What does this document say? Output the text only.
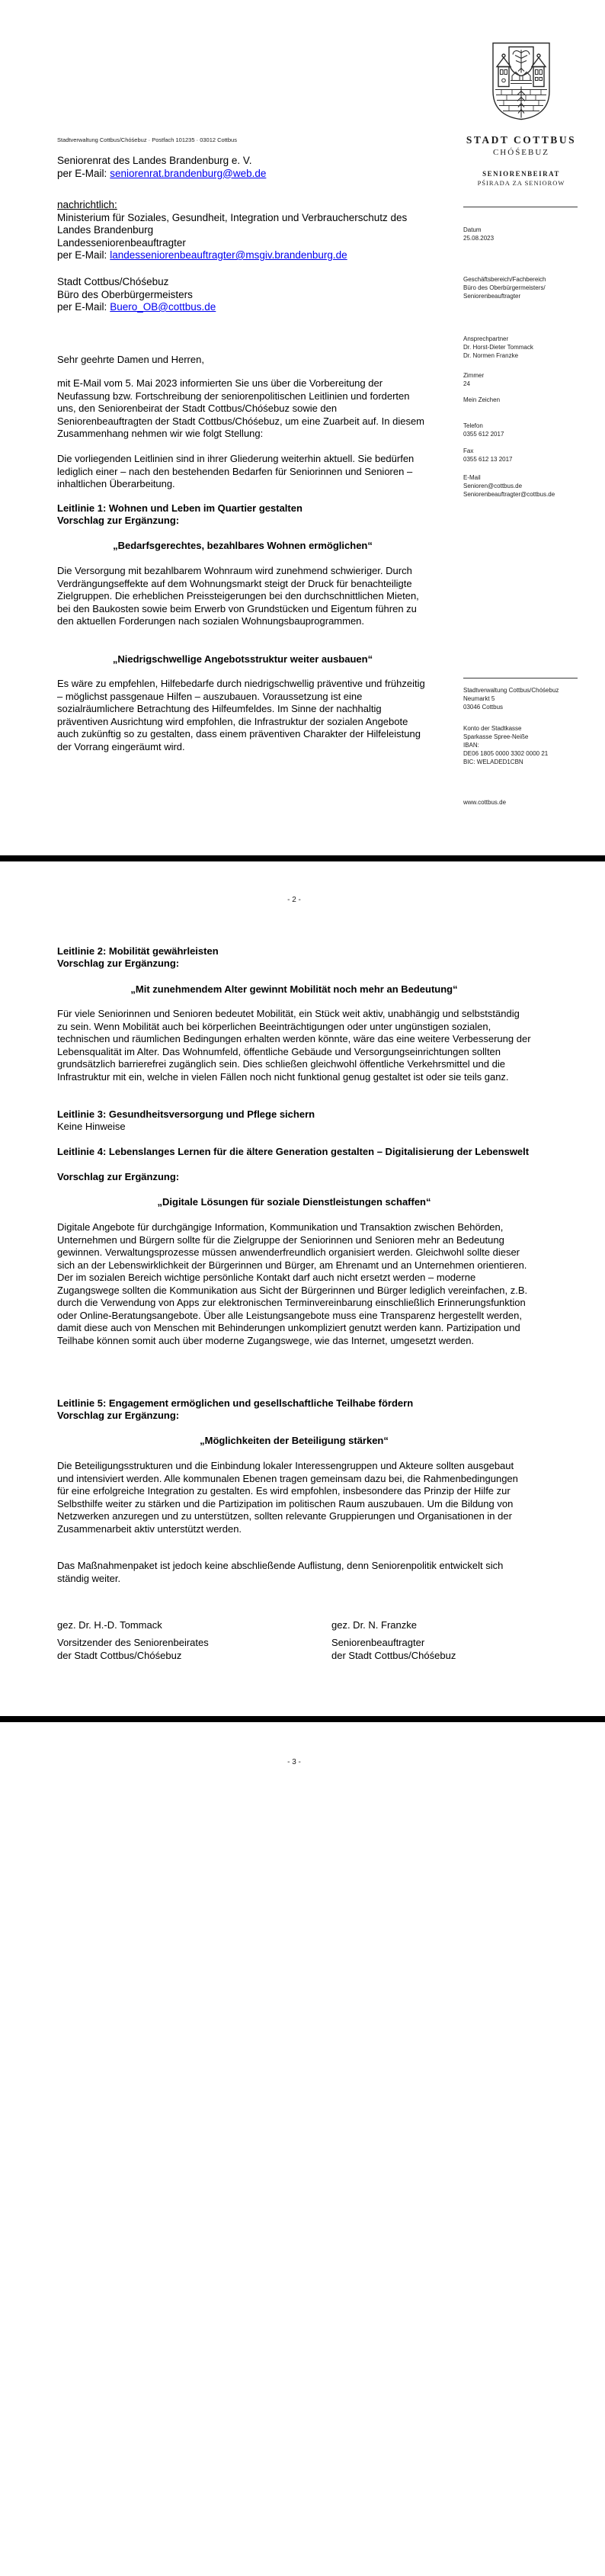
STADT COTTBUS
CHÓŚEBUZ
SENIORENBEIRAT
PŚIRADA ZA SENIOROW
Datum
25.08.2023
Geschäftsbereich/Fachbereich
Büro des Oberbürgermeisters/
Seniorenbeauftragter
Ansprechpartner
Dr. Horst-Dieter Tommack
Dr. Normen Franzke
Zimmer
24
Mein Zeichen
Telefon
0355 612 2017
Fax
0355 612 13 2017
E-Mail
Senioren@cottbus.de
Seniorenbeauftragter@cottbus.de
Stadtverwaltung Cottbus/Chóśebuz
Neumarkt 5
03046 Cottbus
Konto der Stadtkasse
Sparkasse Spree-Neiße
IBAN:
DE06 1805 0000 3302 0000 21
BIC: WELADED1CBN
www.cottbus.de
Stadtverwaltung Cottbus/Chóśebuz · Postfach 101235 · 03012 Cottbus
Seniorenrat des Landes Brandenburg e. V.
per E-Mail: seniorenrat.brandenburg@web.de
nachrichtlich:
Ministerium für Soziales, Gesundheit, Integration und Verbraucherschutz des
Landes Brandenburg
Landesseniorenbeauftragter
per E-Mail: landesseniorenbeauftragter@msgiv.brandenburg.de
Stadt Cottbus/Chóśebuz
Büro des Oberbürgermeisters
per E-Mail: Buero_OB@cottbus.de
Sehr geehrte Damen und Herren,
mit E-Mail vom 5. Mai 2023 informierten Sie uns über die Vorbereitung der Neufassung bzw. Fortschreibung der seniorenpolitischen Leitlinien und forderten uns, den Seniorenbeirat der Stadt Cottbus/Chóśebuz sowie den Seniorenbeauftragten der Stadt Cottbus/Chóśebuz, um eine Zuarbeit auf. In diesem Zusammenhang nehmen wir wie folgt Stellung:
Die vorliegenden Leitlinien sind in ihrer Gliederung weiterhin aktuell. Sie bedürfen lediglich einer – nach den bestehenden Bedarfen für Seniorinnen und Senioren – inhaltlichen Überarbeitung.
Leitlinie 1: Wohnen und Leben im Quartier gestalten
Vorschlag zur Ergänzung:
„Bedarfsgerechtes, bezahlbares Wohnen ermöglichen“
Die Versorgung mit bezahlbarem Wohnraum wird zunehmend schwieriger. Durch Verdrängungseffekte auf dem Wohnungsmarkt steigt der Druck für benachteiligte Zielgruppen. Die erheblichen Preissteigerungen bei den durchschnittlichen Mieten, bei den Baukosten sowie beim Erwerb von Grundstücken und Eigentum führen zu den aktuellen Forderungen nach sozialen Wohnungsbauprogrammen.
„Niedrigschwellige Angebotsstruktur weiter ausbauen“
Es wäre zu empfehlen, Hilfebedarfe durch niedrigschwellig präventive und frühzeitig – möglichst passgenaue Hilfen – auszubauen. Voraussetzung ist eine sozialräumlichere Betrachtung des Hilfeumfeldes. Im Sinne der nachhaltig präventiven Ausrichtung wird empfohlen, die Infrastruktur der sozialen Angebote auch zukünftig so zu gestalten, dass einem präventiven Charakter der Hilfeleistung der Vorrang eingeräumt wird.
- 2 -
Leitlinie 2: Mobilität gewährleisten
Vorschlag zur Ergänzung:
„Mit zunehmendem Alter gewinnt Mobilität noch mehr an Bedeutung“
Für viele Seniorinnen und Senioren bedeutet Mobilität, ein Stück weit aktiv, unabhängig und selbstständig zu sein. Wenn Mobilität auch bei körperlichen Beeinträchtigungen oder unter ungünstigen sozialen, technischen und räumlichen Bedingungen erhalten werden könnte, wäre das eine weitere Verbesserung der Lebensqualität im Alter. Das Wohnumfeld, öffentliche Gebäude und Versorgungseinrichtungen sollten grundsätzlich barrierefrei zugänglich sein. Dies schließen gleichwohl öffentliche Verkehrsmittel und die Infrastruktur mit ein, welche in vielen Fällen noch nicht funktional genug gestaltet ist oder sie teils ganz.
Leitlinie 3: Gesundheitsversorgung und Pflege sichern
Keine Hinweise
Leitlinie 4: Lebenslanges Lernen für die ältere Generation gestalten – Digitalisierung der Lebenswelt
Vorschlag zur Ergänzung:
„Digitale Lösungen für soziale Dienstleistungen schaffen“
Digitale Angebote für durchgängige Information, Kommunikation und Transaktion zwischen Behörden, Unternehmen und Bürgern sollte für die Zielgruppe der Seniorinnen und Senioren mehr an Bedeutung gewinnen. Verwaltungsprozesse müssen anwenderfreundlich organisiert werden. Gleichwohl sollte dieser sich an der Lebenswirklichkeit der Bürgerinnen und Bürger, am Ehrenamt und an Unternehmen orientieren. Der im sozialen Bereich wichtige persönliche Kontakt darf auch nicht ersetzt werden – moderne Zugangswege sollten die Kommunikation aus Sicht der Bürgerinnen und Bürger lediglich vereinfachen, z.B. durch die Verwendung von Apps zur elektronischen Terminvereinbarung einschließlich Erinnerungsfunktion oder Online-Beratungsangebote. Über alle Leistungsangebote muss eine Transparenz hergestellt werden, damit diese auch von Menschen mit Behinderungen unkompliziert genutzt werden kann. Partizipation und Teilhabe können somit auch über moderne Zugangswege, wie das Internet, umgesetzt werden.
Leitlinie 5: Engagement ermöglichen und gesellschaftliche Teilhabe fördern
Vorschlag zur Ergänzung:
„Möglichkeiten der Beteiligung stärken“
Die Beteiligungsstrukturen und die Einbindung lokaler Interessengruppen und Akteure sollten ausgebaut und intensiviert werden. Alle kommunalen Ebenen tragen gemeinsam dazu bei, die Rahmenbedingungen für eine erfolgreiche Integration zu gestalten. Es wird empfohlen, insbesondere das Prinzip der Hilfe zur Selbsthilfe weiter zu stärken und die Partizipation im politischen Raum auszubauen. Um die Bildung von Netzwerken anzuregen und zu unterstützen, sollten relevante Gruppierungen und Organisationen in der Zusammenarbeit aktiv unterstützt werden.
Das Maßnahmenpaket ist jedoch keine abschließende Auflistung, denn Seniorenpolitik entwickelt sich ständig weiter.
gez. Dr. H.-D. Tommack	gez. Dr. N. Franzke
Vorsitzender des Seniorenbeirates
der Stadt Cottbus/Chóśebuz
Seniorenbeauftragter
der Stadt Cottbus/Chóśebuz
- 3 -
